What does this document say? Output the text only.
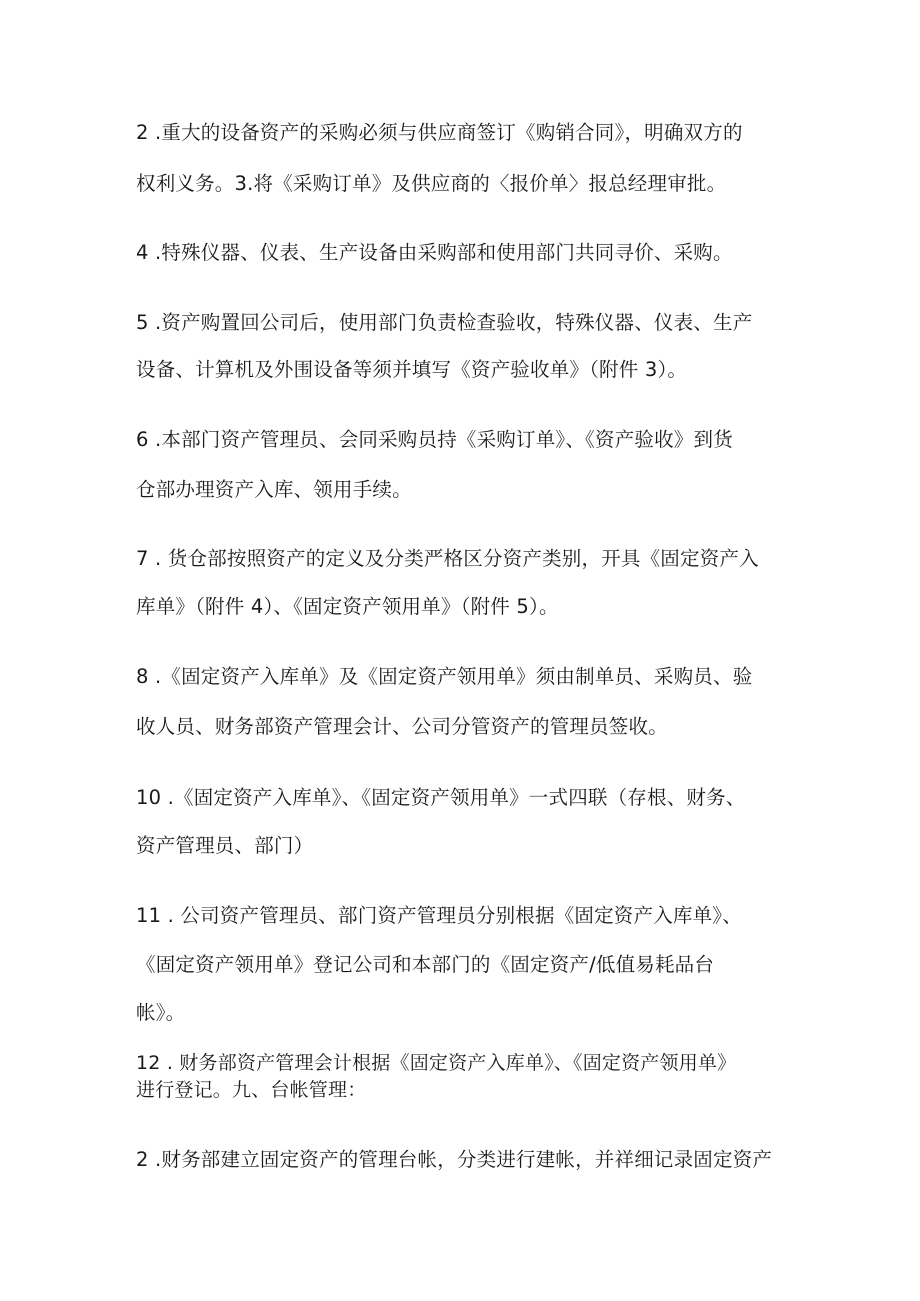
2 .重大的设备资产的采购必须与供应商签订《购销合同》，明确双方的
权利义务。3.将《采购订单》及供应商的〈报价单〉报总经理审批。
4 .特殊仪器、仪表、生产设备由采购部和使用部门共同寻价、采购。
5 .资产购置回公司后，使用部门负责检查验收，特殊仪器、仪表、生产
设备、计算机及外围设备等须并填写《资产验收单》（附件 3）。
6 .本部门资产管理员、会同采购员持《采购订单》、《资产验收》到货
仓部办理资产入库、领用手续。
7 . 货仓部按照资产的定义及分类严格区分资产类别，开具《固定资产入
库单》（附件 4）、《固定资产领用单》（附件 5）。
8 .《固定资产入库单》及《固定资产领用单》须由制单员、采购员、验
收人员、财务部资产管理会计、公司分管资产的管理员签收。
10 .《固定资产入库单》、《固定资产领用单》一式四联（存根、财务、
资产管理员、部门）
11 . 公司资产管理员、部门资产管理员分别根据《固定资产入库单》、
《固定资产领用单》登记公司和本部门的《固定资产/低值易耗品台
帐》。
12 . 财务部资产管理会计根据《固定资产入库单》、《固定资产领用单》
进行登记。九、台帐管理：
2 .财务部建立固定资产的管理台帐，分类进行建帐，并祥细记录固定资产
